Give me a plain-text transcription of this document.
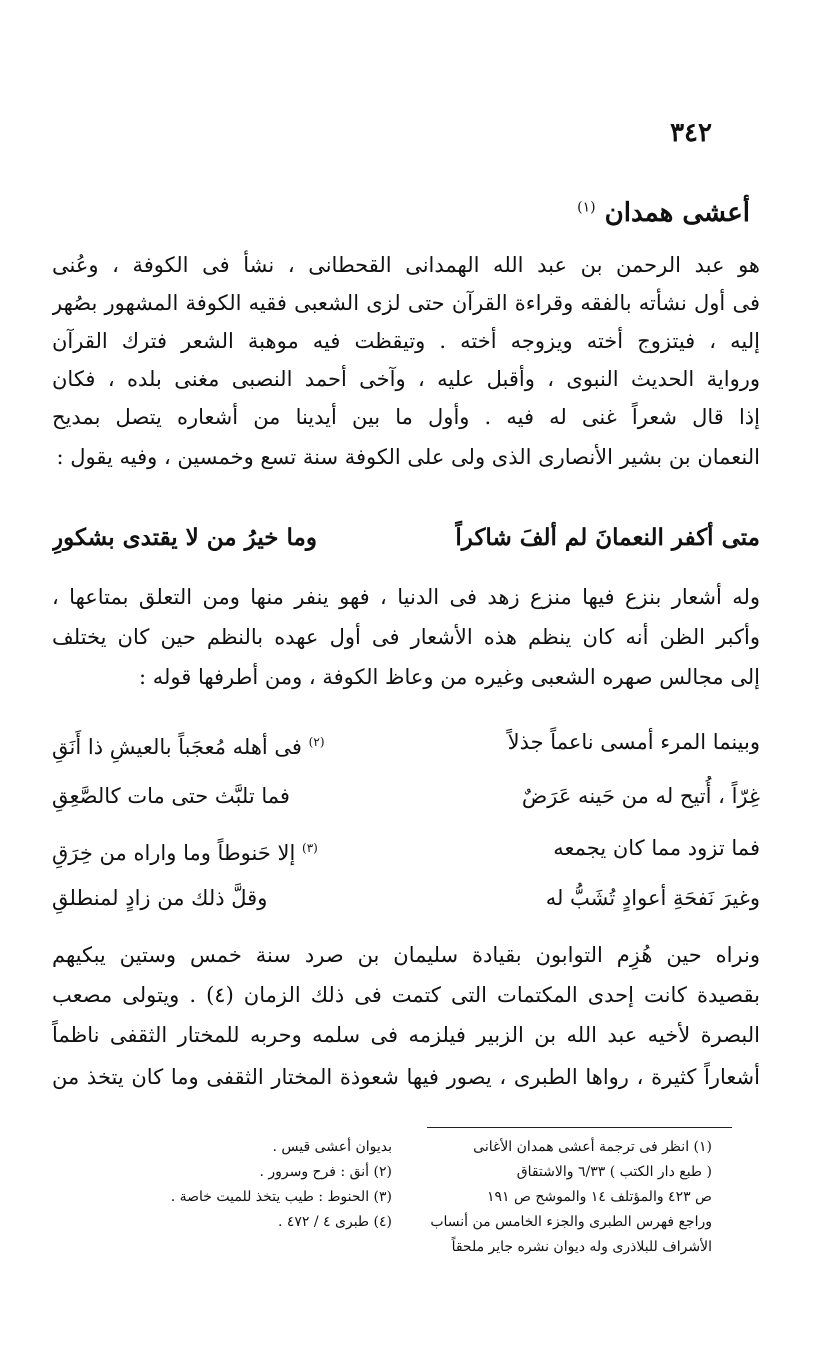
٣٤٢
أعشى همدان $^{(١)}$
هو عبد الرحمن بن عبد الله الهمدانى القحطانى ، نشأ فى الكوفة ، وعُنى
فى أول نشأته بالفقه وقراءة القرآن حتى لزى الشعبى فقيه الكوفة المشهور بصُهر
إليه ، فيتزوج أخته ويزوجه أخته . وتيقظت فيه موهبة الشعر فترك القرآن
ورواية الحديث النبوى ، وأقبل عليه ، وآخى أحمد النصبى مغنى بلده ، فكان
إذا قال شعراً غنى له فيه . وأول ما بين أيدينا من أشعاره يتصل بمديح
النعمان بن بشير الأنصارى الذى ولى على الكوفة سنة تسع وخمسين ، وفيه يقول :
متى أكفر النعمانَ لم ألفَ شاكراً
وما خيرُ من لا يقتدى بشكورِ
وله أشعار بنزع فيها منزع زهد فى الدنيا ، فهو ينفر منها ومن التعلق بمتاعها ،
وأكبر الظن أنه كان ينظم هذه الأشعار فى أول عهده بالنظم حين كان يختلف
إلى مجالس صهره الشعبى وغيره من وعاظ الكوفة ، ومن أطرفها قوله :
وبينما المرء أمسى ناعماً جذلاً
$^{(٢)}$ فى أهله مُعجَباً بالعيشِ ذا أَنَقِ
غِرّاً ، أُتيح له من حَينه عَرَضٌ
فما تلبَّث حتى مات كالصَّعِقِ
فما تزود مما كان يجمعه
$^{(٣)}$ إلا حَنوطاً وما واراه من خِرَقِ
وغيرَ نَفحَةِ أعوادٍ تُشَبُّ له
وقلَّ ذلك من زادٍ لمنطلقِ
ونراه حين هُزِم التوابون بقيادة سليمان بن صرد سنة خمس وستين يبكيهم
بقصيدة كانت إحدى المكتمات التى كتمت فى ذلك الزمان (٤) . ويتولى مصعب
البصرة لأخيه عبد الله بن الزبير فيلزمه فى سلمه وحربه للمختار الثقفى ناظماً
أشعاراً كثيرة ، رواها الطبرى ، يصور فيها شعوذة المختار الثقفى وما كان يتخذ من
(١) انظر فى ترجمة أعشى همدان الأغانى
( طبع دار الكتب ) ٦/٣٣ والاشتقاق
ص ٤٢٣ والمؤتلف ١٤ والموشح ص ١٩١
وراجع فهرس الطبرى والجزء الخامس من أنساب
الأشراف للبلاذرى وله ديوان نشره جاير ملحقاً
بديوان أعشى قيس .
(٢) أنق : فرح وسرور .
(٣) الحنوط : طيب يتخذ للميت خاصة .
(٤) طبرى ٤ / ٤٧٢ .
